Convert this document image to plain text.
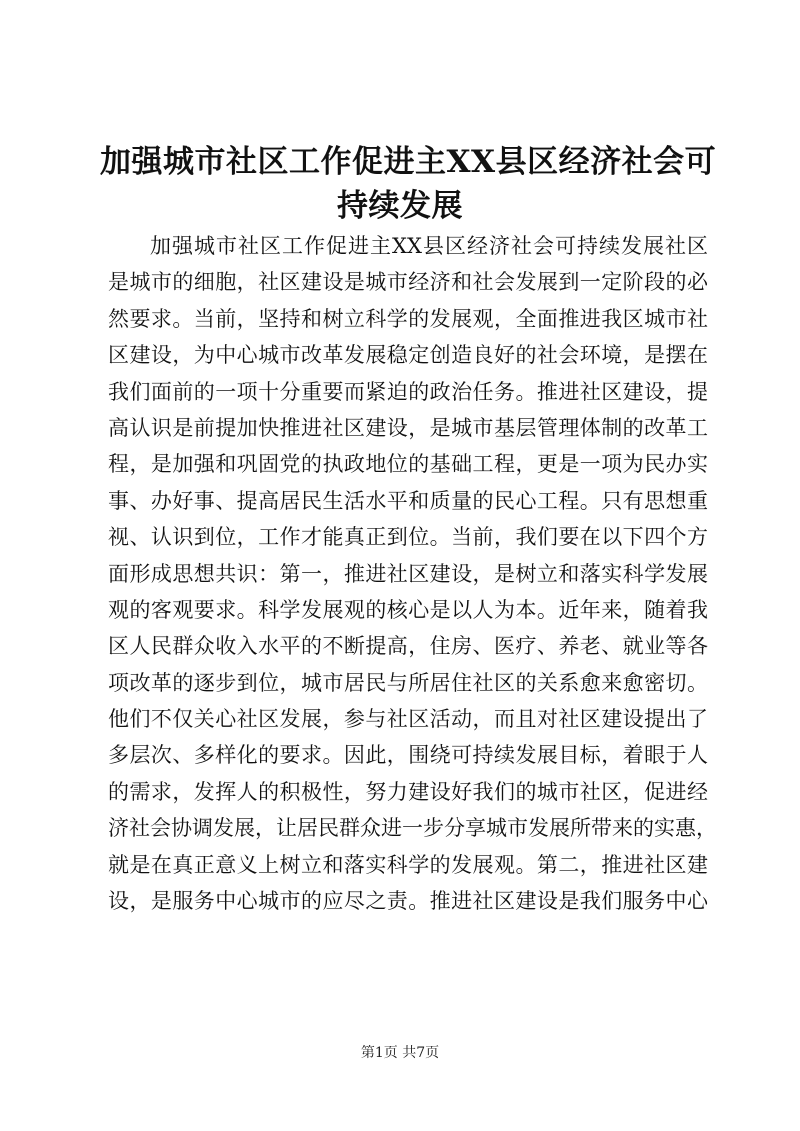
加强城市社区工作促进主XX县区经济社会可
持续发展
加强城市社区工作促进主XX县区经济社会可持续发展社区
是城市的细胞，社区建设是城市经济和社会发展到一定阶段的必
然要求。当前，坚持和树立科学的发展观，全面推进我区城市社
区建设，为中心城市改革发展稳定创造良好的社会环境，是摆在
我们面前的一项十分重要而紧迫的政治任务。推进社区建设，提
高认识是前提加快推进社区建设，是城市基层管理体制的改革工
程，是加强和巩固党的执政地位的基础工程，更是一项为民办实
事、办好事、提高居民生活水平和质量的民心工程。只有思想重
视、认识到位，工作才能真正到位。当前，我们要在以下四个方
面形成思想共识：第一，推进社区建设，是树立和落实科学发展
观的客观要求。科学发展观的核心是以人为本。近年来，随着我
区人民群众收入水平的不断提高，住房、医疗、养老、就业等各
项改革的逐步到位，城市居民与所居住社区的关系愈来愈密切。
他们不仅关心社区发展，参与社区活动，而且对社区建设提出了
多层次、多样化的要求。因此，围绕可持续发展目标，着眼于人
的需求，发挥人的积极性，努力建设好我们的城市社区，促进经
济社会协调发展，让居民群众进一步分享城市发展所带来的实惠，
就是在真正意义上树立和落实科学的发展观。第二，推进社区建
设，是服务中心城市的应尽之责。推进社区建设是我们服务中心
第1页 共7页
